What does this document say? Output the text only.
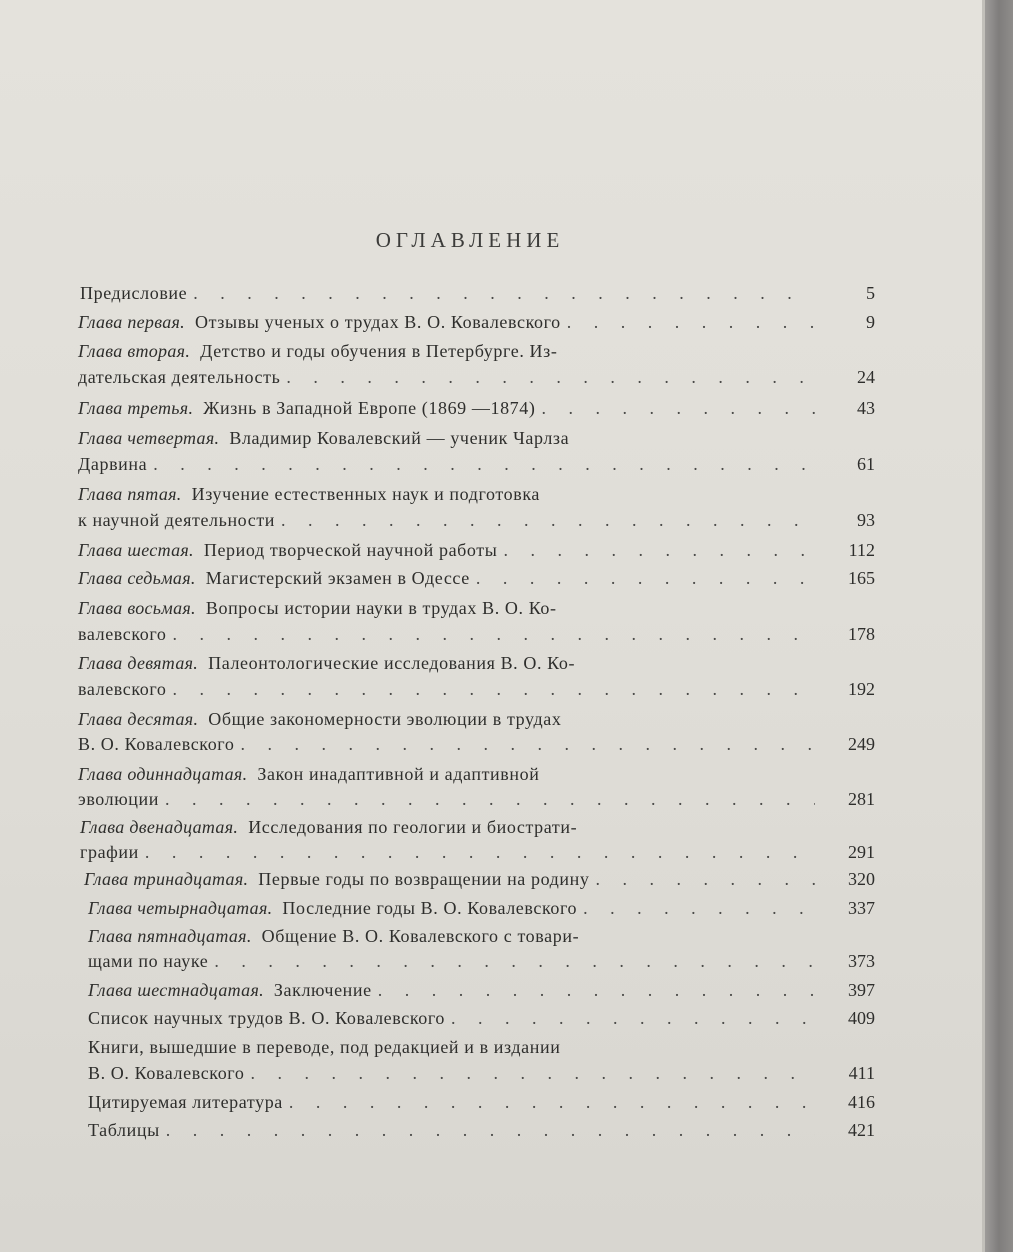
ОГЛАВЛЕНИЕ
Предисловие . . .	5
Глава первая. Отзывы ученых о трудах В. О. Ковалевского . . .	9
Глава вторая. Детство и годы обучения в Петербурге. Из-
дательская деятельность . . .	24
Глава третья. Жизнь в Западной Европе (1869 —1874) . . .	43
Глава четвертая. Владимир Ковалевский — ученик Чарлза
Дарвина . . .	61
Глава пятая. Изучение естественных наук и подготовка
к научной деятельности . . .	93
Глава шестая. Период творческой научной работы . . .	112
Глава седьмая. Магистерский экзамен в Одессе . . .	165
Глава восьмая. Вопросы истории науки в трудах В. О. Ко-
валевского . . .	178
Глава девятая. Палеонтологические исследования В. О. Ко-
валевского . . .	192
Глава десятая. Общие закономерности эволюции в трудах
В. О. Ковалевского . . .	249
Глава одиннадцатая. Закон инадаптивной и адаптивной
эволюции . . .	281
Глава двенадцатая. Исследования по геологии и биострати-
графии . . .	291
Глава тринадцатая. Первые годы по возвращении на родину . . .	320
Глава четырнадцатая. Последние годы В. О. Ковалевского . . .	337
Глава пятнадцатая. Общение В. О. Ковалевского с товари-
щами по науке . . .	373
Глава шестнадцатая. Заключение . . .	397
Список научных трудов В. О. Ковалевского . . .	409
Книги, вышедшие в переводе, под редакцией и в издании
В. О. Ковалевского . . .	411
Цитируемая литература . . .	416
Таблицы . . .	421
